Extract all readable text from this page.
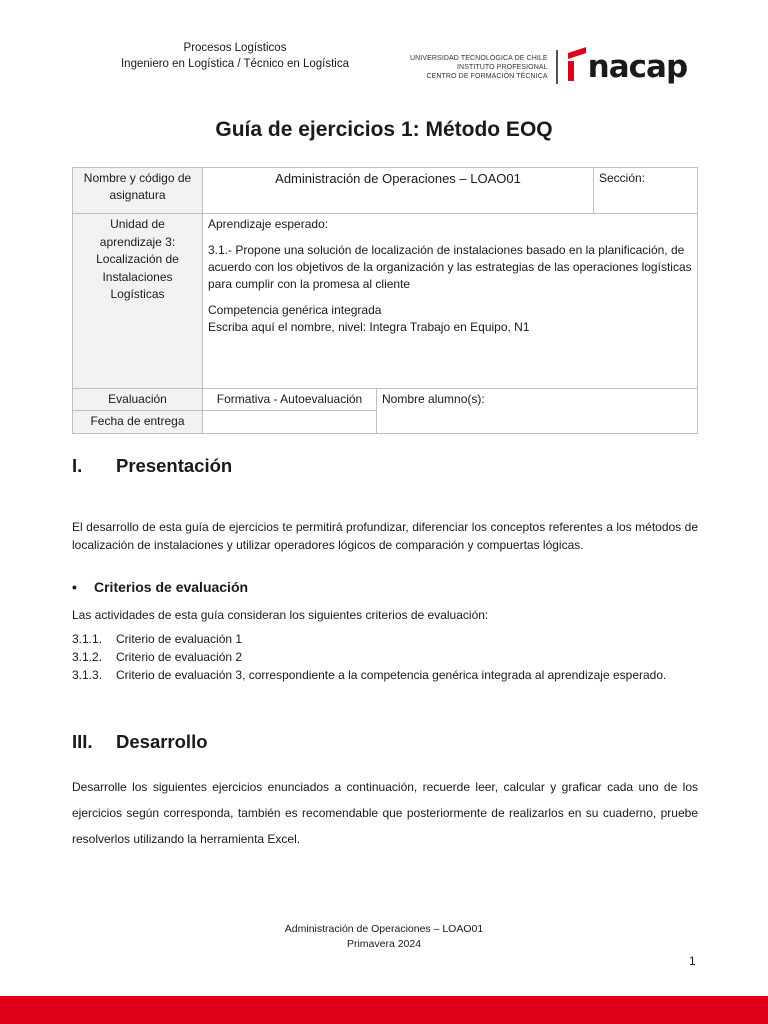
Procesos Logísticos
Ingeniero en Logística / Técnico en Logística	UNIVERSIDAD TECNOLÓGICA DE CHILE
INSTITUTO PROFESIONAL
CENTRO DE FORMACIÓN TÉCNICA nacap
Guía de ejercicios 1: Método EOQ
Nombre y código de asignatura	Administración de Operaciones – LOAO01		Sección:
Unidad de aprendizaje 3: Localización de Instalaciones Logísticas	Aprendizaje esperado:
3.1.- Propone una solución de localización de instalaciones basado en la planificación, de acuerdo con los objetivos de la organización y las estrategias de las operaciones logísticas para cumplir con la promesa al cliente
Competencia genérica integrada
Escriba aquí el nombre, nivel: Integra Trabajo en Equipo, N1		

Evaluación	Formativa - Autoevaluación	Nombre alumno(s):	
Fecha de entrega			
I. Presentación
El desarrollo de esta guía de ejercicios te permitirá profundizar, diferenciar los conceptos referentes a los métodos de localización de instalaciones y utilizar operadores lógicos de comparación y compuertas lógicas.
• Criterios de evaluación
Las actividades de esta guía consideran los siguientes criterios de evaluación:
3.1.1. Criterio de evaluación 1
3.1.2. Criterio de evaluación 2
3.1.3. Criterio de evaluación 3, correspondiente a la competencia genérica integrada al aprendizaje esperado.
III. Desarrollo
Desarrolle los siguientes ejercicios enunciados a continuación, recuerde leer, calcular y graficar cada uno de los ejercicios según corresponda, también es recomendable que posteriormente de realizarlos en su cuaderno, pruebe resolverlos utilizando la herramienta Excel.
Administración de Operaciones – LOAO01
Primavera 2024
1
